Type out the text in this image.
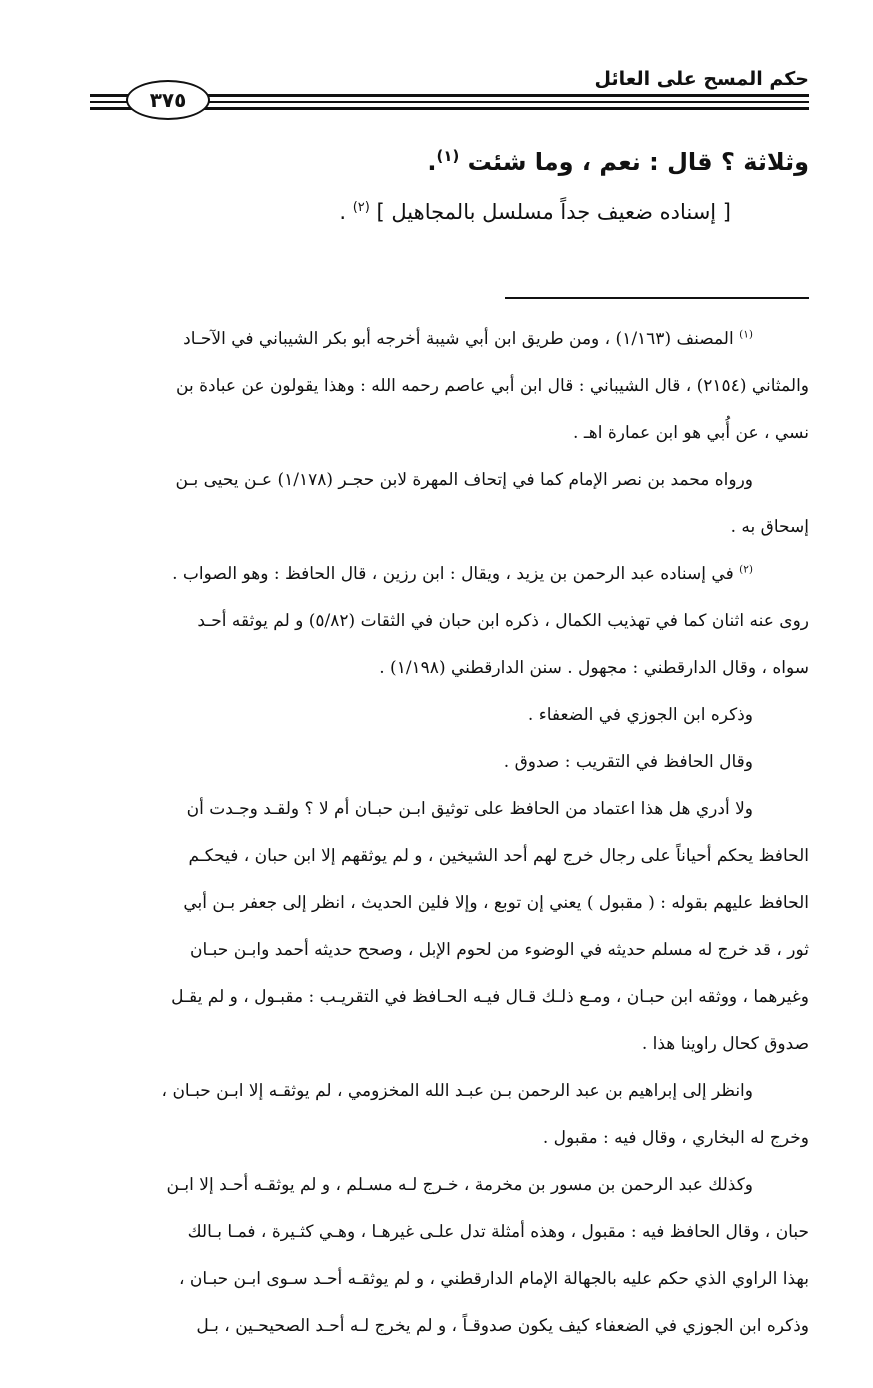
حكم المسح على العائل
٣٧٥
وثلاثة ؟ قال : نعم ، وما شئت $^{(١)}$.
[ إسناده ضعيف جداً مسلسل بالمجاهيل ] $^{(٢)}$ .
$^{(١)}$ المصنف (١/١٦٣) ، ومن طريق ابن أبي شيبة أخرجه أبو بكر الشيباني في الآحـاد
والمثاني (٢١٥٤) ، قال الشيباني : قال ابن أبي عاصم رحمه الله : وهذا يقولون عن عبادة بن
نسي ، عن أُبي هو ابن عمارة اهـ .
ورواه محمد بن نصر الإمام كما في إتحاف المهرة لابن حجـر (١/١٧٨) عـن يحيى بـن
إسحاق به .
$^{(٢)}$ في إسناده عبد الرحمن بن يزيد ، ويقال : ابن رزين ، قال الحافظ : وهو الصواب .
روى عنه اثنان كما في تهذيب الكمال ، ذكره ابن حبان في الثقات (٥/٨٢) و لم يوثقه أحـد
سواه ، وقال الدارقطني : مجهول . سنن الدارقطني (١/١٩٨) .
وذكره ابن الجوزي في الضعفاء .
وقال الحافظ في التقريب : صدوق .
ولا أدري هل هذا اعتماد من الحافظ على توثيق ابـن حبـان أم لا ؟ ولقـد وجـدت أن
الحافظ يحكم أحياناً على رجال خرج لهم أحد الشيخين ، و لم يوثقهم إلا ابن حبان ، فيحكـم
الحافظ عليهم بقوله : ( مقبول ) يعني إن توبع ، وإلا فلين الحديث ، انظر إلى جعفر بـن أبي
ثور ، قد خرج له مسلم حديثه في الوضوء من لحوم الإبل ، وصحح حديثه أحمد وابـن حبـان
وغيرهما ، ووثقه ابن حبـان ، ومـع ذلـك قـال فيـه الحـافظ في التقريـب : مقبـول ، و لم يقـل
صدوق كحال راوينا هذا .
وانظر إلى إبراهيم بن عبد الرحمن بـن عبـد الله المخزومي ، لم يوثقـه إلا ابـن حبـان ،
وخرج له البخاري ، وقال فيه : مقبول .
وكذلك عبد الرحمن بن مسور بن مخرمة ، خـرج لـه مسـلم ، و لم يوثقـه أحـد إلا ابـن
حبان ، وقال الحافظ فيه : مقبول ، وهذه أمثلة تدل علـى غيرهـا ، وهـي كثـيرة ، فمـا بـالك
بهذا الراوي الذي حكم عليه بالجهالة الإمام الدارقطني ، و لم يوثقـه أحـد سـوى ابـن حبـان ،
وذكره ابن الجوزي في الضعفاء كيف يكون صدوقـاً ، و لم يخرج لـه أحـد الصحيحـين ، بـل
